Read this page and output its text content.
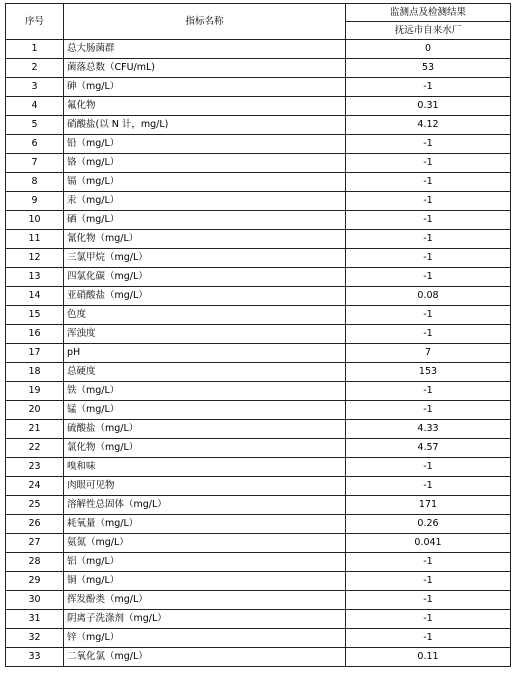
序号	指标名称	监测点及检测结果
		抚远市自来水厂
1	总大肠菌群	0
2	菌落总数（CFU/mL)	53
3	砷（mg/L）	-1
4	氟化物	0.31
5	硝酸盐(以 N 计，mg/L)	4.12
6	铅（mg/L）	-1
7	铬（mg/L）	-1
8	镉（mg/L）	-1
9	汞（mg/L）	-1
10	硒（mg/L）	-1
11	氰化物（mg/L）	-1
12	三氯甲烷（mg/L）	-1
13	四氯化碳（mg/L）	-1
14	亚硝酸盐（mg/L）	0.08
15	色度	-1
16	浑浊度	-1
17	pH	7
18	总硬度	153
19	铁（mg/L）	-1
20	锰（mg/L）	-1
21	硫酸盐（mg/L）	4.33
22	氯化物（mg/L）	4.57
23	嗅和味	-1
24	肉眼可见物	-1
25	溶解性总固体（mg/L）	171
26	耗氧量（mg/L）	0.26
27	氨氮（mg/L）	0.041
28	铝（mg/L）	-1
29	铜（mg/L）	-1
30	挥发酚类（mg/L）	-1
31	阴离子洗涤剂（mg/L）	-1
32	锌（mg/L）	-1
33	二氧化氯（mg/L）	0.11
